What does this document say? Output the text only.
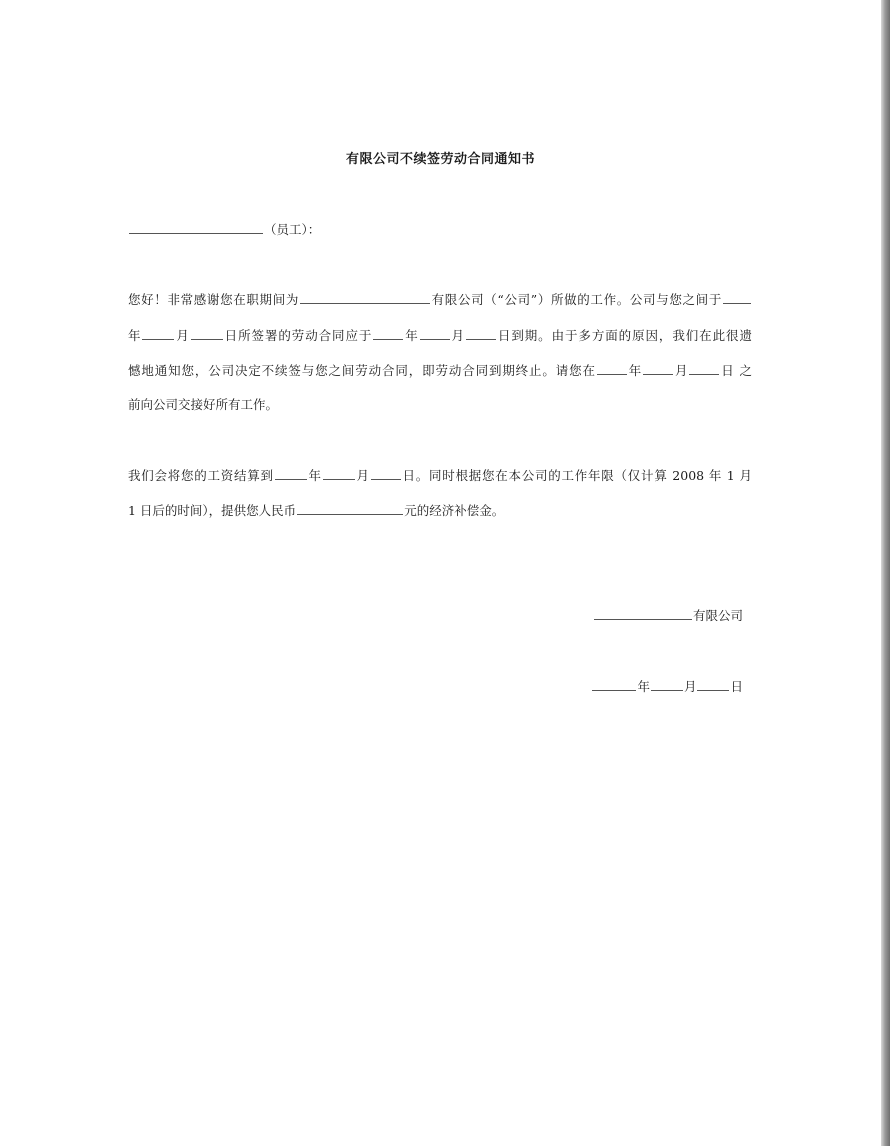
有限公司不续签劳动合同通知书
（员工）：
您好！非常感谢您在职期间为	有限公司（“公司”）所做的工作。公司与您之间于
年	月	日所签署的劳动合同应于	年	月	日到期。由于多方面的原因，我们在此很遗
憾地通知您，公司决定不续签与您之间劳动合同，即劳动合同到期终止。请您在	年	月	日 之
前向公司交接好所有工作。
我们会将您的工资结算到	年	月	日。同时根据您在本公司的工作年限（仅计算 2008 年 1 月
1 日后的时间），提供您人民币	元的经济补偿金。
有限公司
年	月	日
